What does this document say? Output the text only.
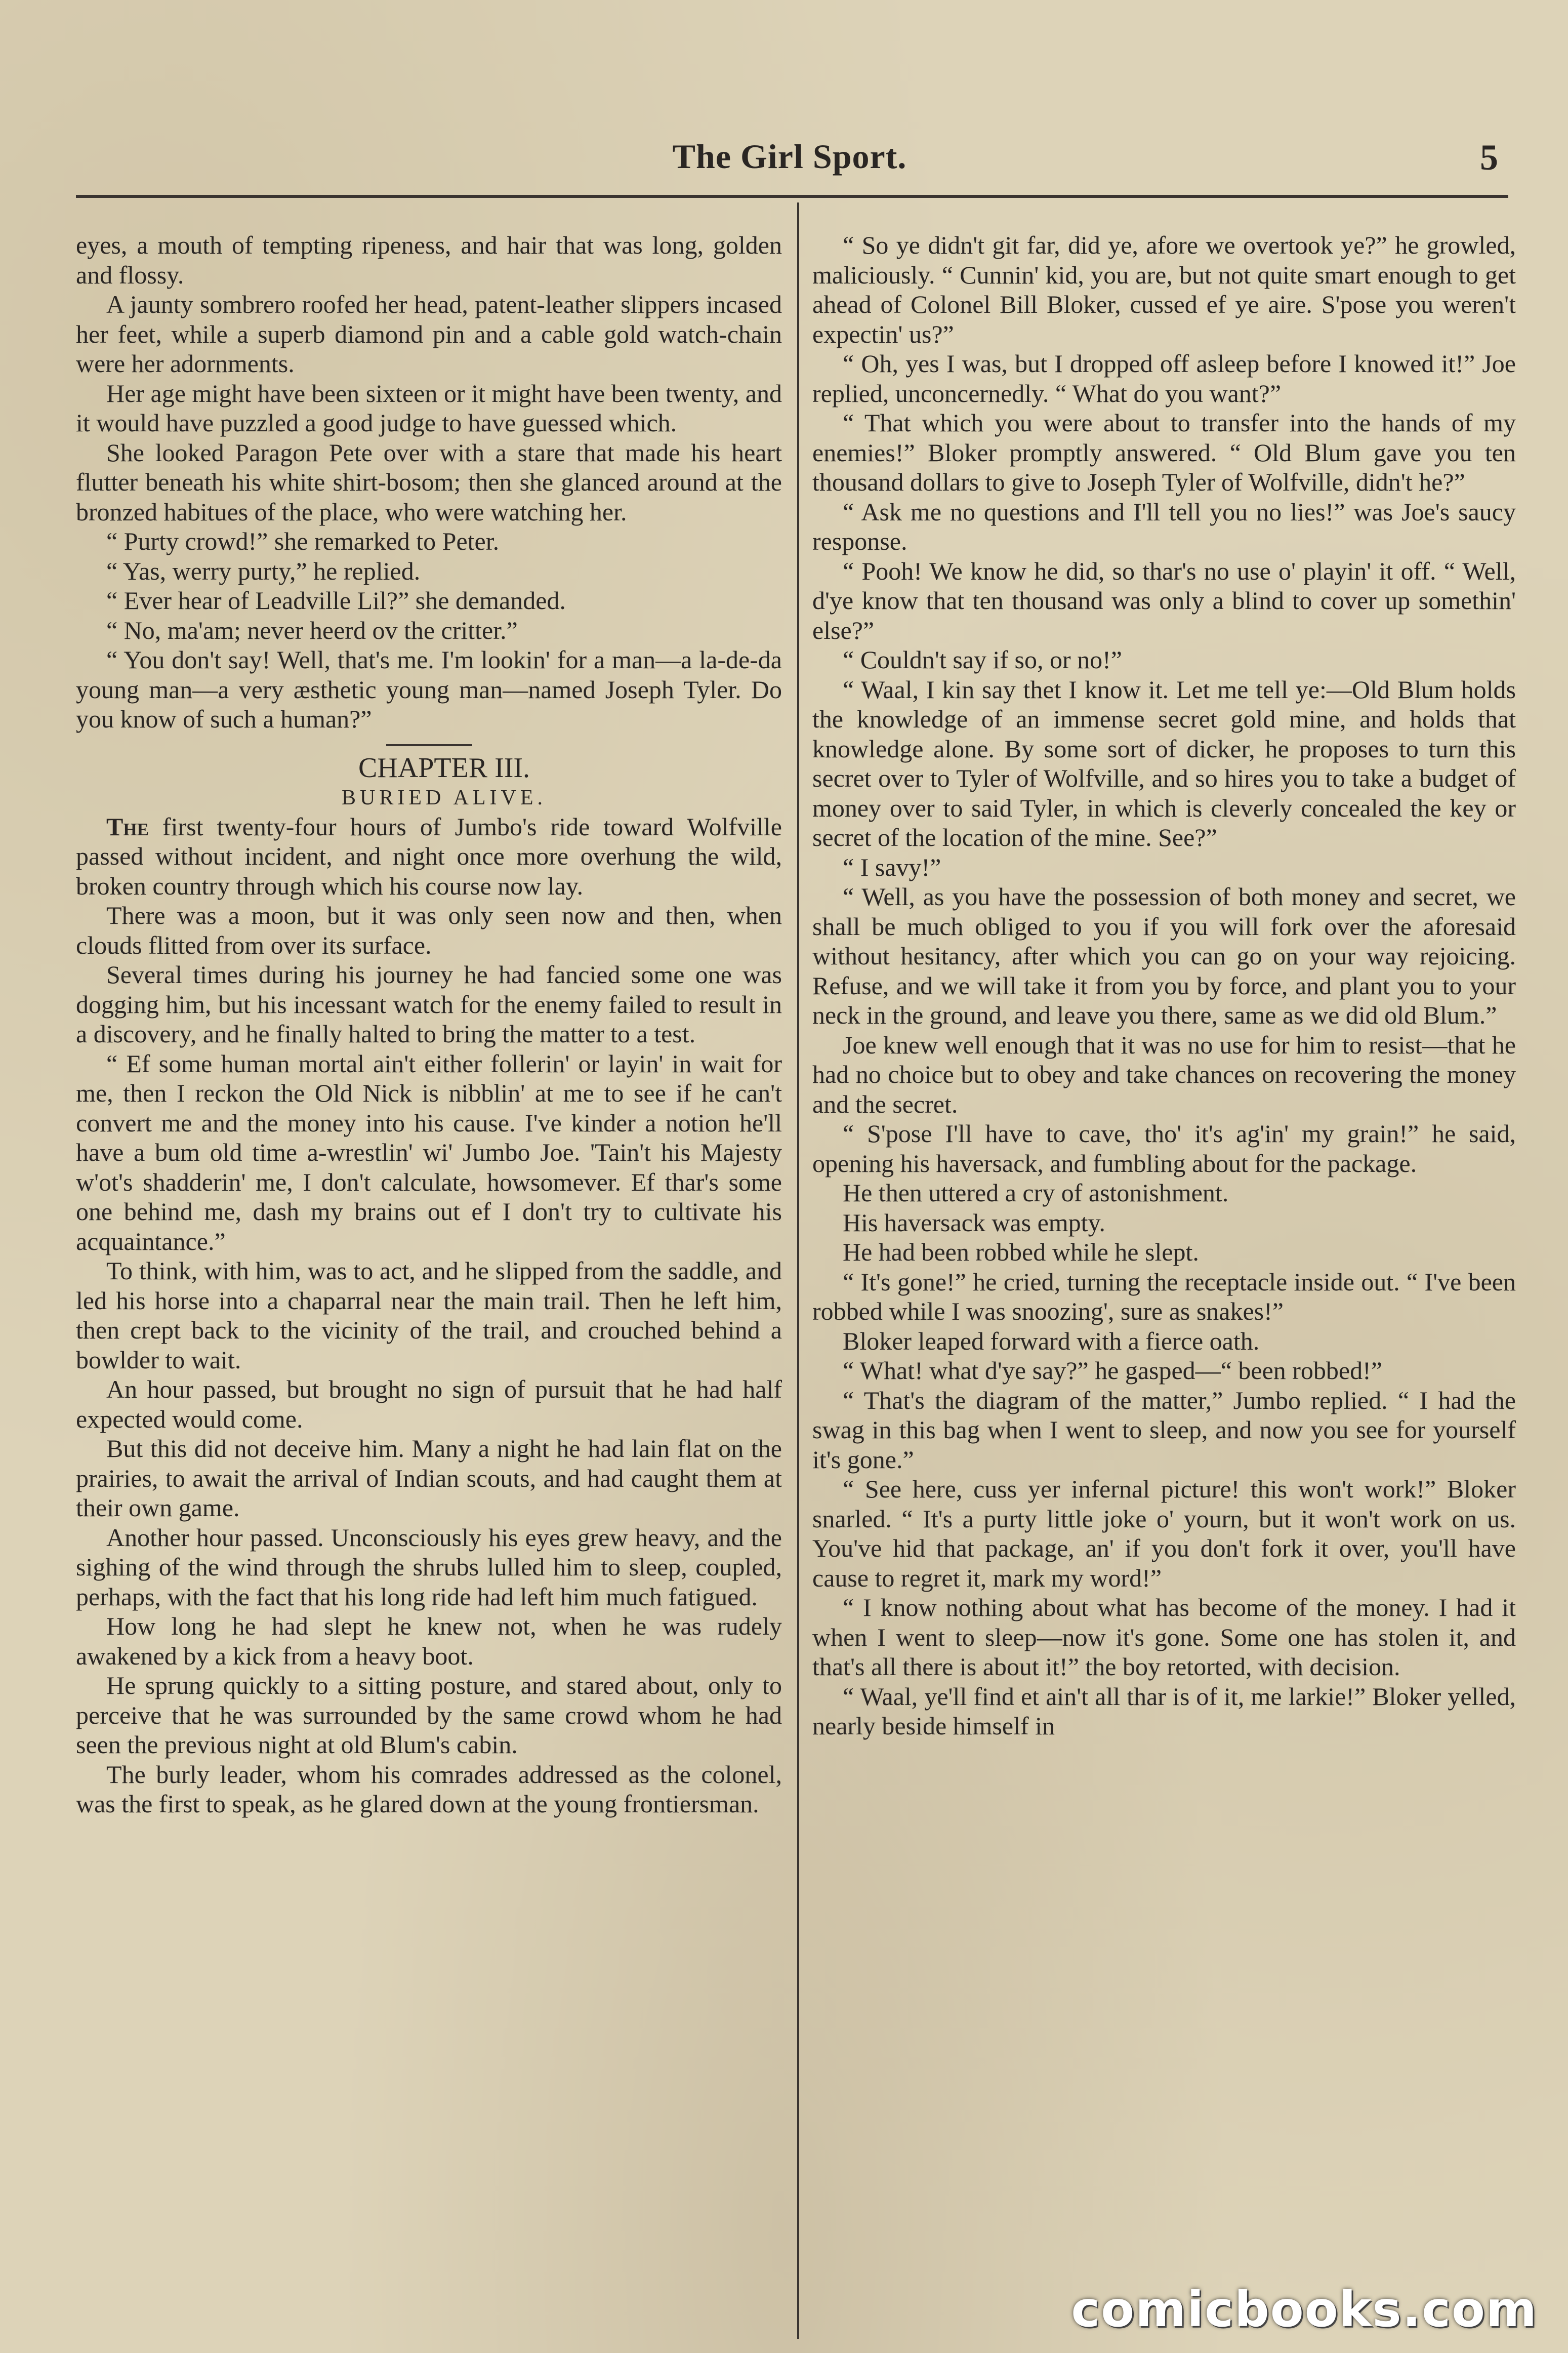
The Girl Sport.	5

eyes, a mouth of tempting ripeness, and hair that was long, golden and flossy.

A jaunty sombrero roofed her head, patent-leather slippers incased her feet, while a superb diamond pin and a cable gold watch-chain were her adornments.

Her age might have been sixteen or it might have been twenty, and it would have puzzled a good judge to have guessed which.

She looked Paragon Pete over with a stare that made his heart flutter beneath his white shirt-bosom; then she glanced around at the bronzed habitues of the place, who were watching her.

“ Purty crowd!” she remarked to Peter.

“ Yas, werry purty,” he replied.

“ Ever hear of Leadville Lil?” she demanded.

“ No, ma'am; never heerd ov the critter.”

“ You don't say! Well, that's me. I'm lookin' for a man—a la-de-da young man—a very æsthetic young man—named Joseph Tyler. Do you know of such a human?”

CHAPTER III.

BURIED ALIVE.

The first twenty-four hours of Jumbo's ride toward Wolfville passed without incident, and night once more overhung the wild, broken country through which his course now lay.

There was a moon, but it was only seen now and then, when clouds flitted from over its surface.

Several times during his journey he had fancied some one was dogging him, but his incessant watch for the enemy failed to result in a discovery, and he finally halted to bring the matter to a test.

“ Ef some human mortal ain't either follerin' or layin' in wait for me, then I reckon the Old Nick is nibblin' at me to see if he can't convert me and the money into his cause. I've kinder a notion he'll have a bum old time a-wrestlin' wi' Jumbo Joe. 'Tain't his Majesty w'ot's shadderin' me, I don't calculate, howsomever. Ef thar's some one behind me, dash my brains out ef I don't try to cultivate his acquaintance.”

To think, with him, was to act, and he slipped from the saddle, and led his horse into a chaparral near the main trail. Then he left him, then crept back to the vicinity of the trail, and crouched behind a bowlder to wait.

An hour passed, but brought no sign of pursuit that he had half expected would come.

But this did not deceive him. Many a night he had lain flat on the prairies, to await the arrival of Indian scouts, and had caught them at their own game.

Another hour passed. Unconsciously his eyes grew heavy, and the sighing of the wind through the shrubs lulled him to sleep, coupled, perhaps, with the fact that his long ride had left him much fatigued.

How long he had slept he knew not, when he was rudely awakened by a kick from a heavy boot.

He sprung quickly to a sitting posture, and stared about, only to perceive that he was surrounded by the same crowd whom he had seen the previous night at old Blum's cabin.

The burly leader, whom his comrades addressed as the colonel, was the first to speak, as he glared down at the young frontiersman.

“ So ye didn't git far, did ye, afore we overtook ye?” he growled, maliciously. “ Cunnin' kid, you are, but not quite smart enough to get ahead of Colonel Bill Bloker, cussed ef ye aire. S'pose you weren't expectin' us?”

“ Oh, yes I was, but I dropped off asleep before I knowed it!” Joe replied, unconcernedly. “ What do you want?”

“ That which you were about to transfer into the hands of my enemies!” Bloker promptly answered. “ Old Blum gave you ten thousand dollars to give to Joseph Tyler of Wolfville, didn't he?”

“ Ask me no questions and I'll tell you no lies!” was Joe's saucy response.

“ Pooh! We know he did, so thar's no use o' playin' it off. “ Well, d'ye know that ten thousand was only a blind to cover up somethin' else?”

“ Couldn't say if so, or no!”

“ Waal, I kin say thet I know it. Let me tell ye:—Old Blum holds the knowledge of an immense secret gold mine, and holds that knowledge alone. By some sort of dicker, he proposes to turn this secret over to Tyler of Wolfville, and so hires you to take a budget of money over to said Tyler, in which is cleverly concealed the key or secret of the location of the mine. See?”

“ I savy!”

“ Well, as you have the possession of both money and secret, we shall be much obliged to you if you will fork over the aforesaid without hesitancy, after which you can go on your way rejoicing. Refuse, and we will take it from you by force, and plant you to your neck in the ground, and leave you there, same as we did old Blum.”

Joe knew well enough that it was no use for him to resist—that he had no choice but to obey and take chances on recovering the money and the secret.

“ S'pose I'll have to cave, tho' it's ag'in' my grain!” he said, opening his haversack, and fumbling about for the package.

He then uttered a cry of astonishment.

His haversack was empty.

He had been robbed while he slept.

“ It's gone!” he cried, turning the receptacle inside out. “ I've been robbed while I was snoozing', sure as snakes!”

Bloker leaped forward with a fierce oath.

“ What! what d'ye say?” he gasped—“ been robbed!”

“ That's the diagram of the matter,” Jumbo replied. “ I had the swag in this bag when I went to sleep, and now you see for yourself it's gone.”

“ See here, cuss yer infernal picture! this won't work!” Bloker snarled. “ It's a purty little joke o' yourn, but it won't work on us. You've hid that package, an' if you don't fork it over, you'll have cause to regret it, mark my word!”

“ I know nothing about what has become of the money. I had it when I went to sleep—now it's gone. Some one has stolen it, and that's all there is about it!” the boy retorted, with decision.

“ Waal, ye'll find et ain't all thar is of it, me larkie!” Bloker yelled, nearly beside himself in

comicbooks.com
